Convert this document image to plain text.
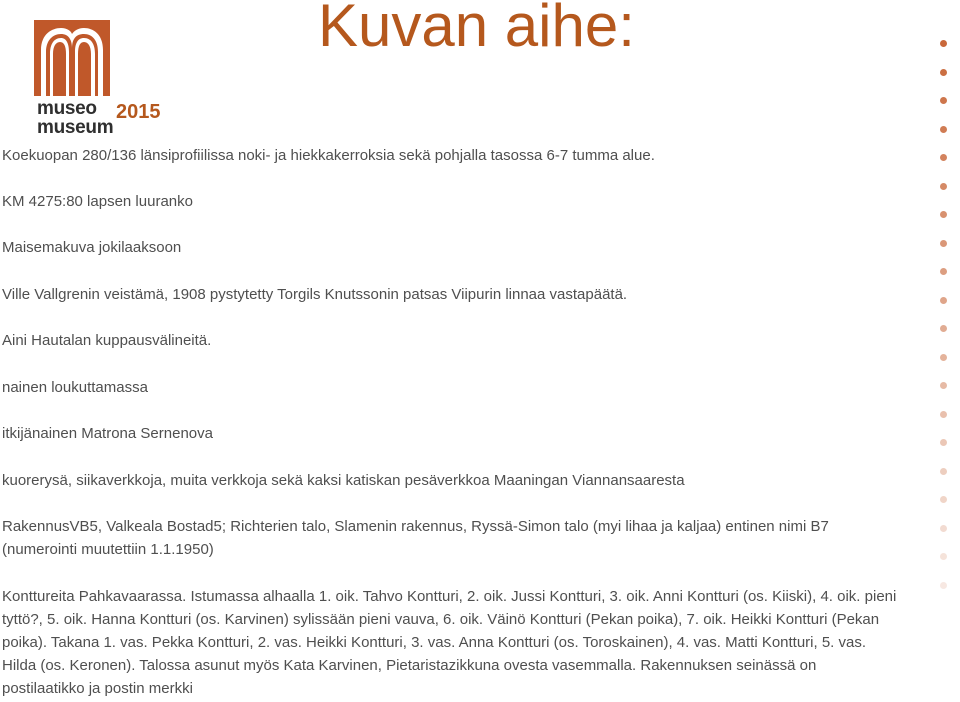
Kuvan aihe:
museo
museum
2015

Koekuopan 280/136 länsiprofiilissa noki- ja hiekkakerroksia sekä pohjalla tasossa 6-7 tumma alue.

KM 4275:80 lapsen luuranko

Maisemakuva jokilaaksoon

Ville Vallgrenin veistämä, 1908 pystytetty Torgils Knutssonin patsas Viipurin linnaa vastapäätä.

Aini Hautalan kuppausvälineitä.

nainen loukuttamassa

itkijänainen Matrona Sernenova

kuorerysä, siikaverkkoja, muita verkkoja sekä kaksi katiskan pesäverkkoa Maaningan Viannansaaresta

RakennusVB5, Valkeala Bostad5; Richterien talo, Slamenin rakennus, Ryssä-Simon talo (myi lihaa ja kaljaa) entinen nimi B7 (numerointi muutettiin 1.1.1950)

Konttureita Pahkavaarassa. Istumassa alhaalla 1. oik. Tahvo Kontturi, 2. oik. Jussi Kontturi, 3. oik. Anni Kontturi (os. Kiiski), 4. oik. pieni tyttö?, 5. oik. Hanna Kontturi (os. Karvinen) sylissään pieni vauva, 6. oik. Väinö Kontturi (Pekan poika), 7. oik. Heikki Kontturi (Pekan poika). Takana 1. vas. Pekka Kontturi, 2. vas. Heikki Kontturi, 3. vas. Anna Kontturi (os. Toroskainen), 4. vas. Matti Kontturi, 5. vas. Hilda (os. Keronen). Talossa asunut myös Kata Karvinen, Pietaristazikkuna ovesta vasemmalla. Rakennuksen seinässä on postilaatikko ja postin merkki
